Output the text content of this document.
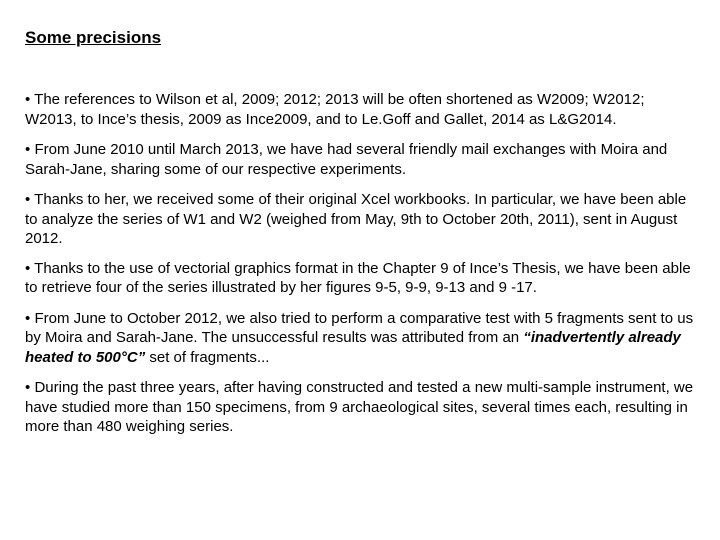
Some precisions
• The references to Wilson et al, 2009; 2012; 2013 will be often shortened as W2009; W2012; W2013, to Ince’s thesis, 2009 as Ince2009, and to Le.Goff and Gallet, 2014 as L&G2014.
• From June 2010 until March 2013, we have had several friendly mail exchanges with Moira and Sarah-Jane, sharing some of our respective experiments.
• Thanks to her, we received some of their original Xcel workbooks. In particular, we have been able to analyze the series of W1 and W2 (weighed from May, 9th to October 20th, 2011), sent in August 2012.
• Thanks to the use of vectorial graphics format in the Chapter 9 of Ince’s Thesis, we have been able to retrieve four of the series illustrated by her figures 9-5, 9-9, 9-13 and 9 -17.
• From June to October 2012, we also tried to perform a comparative test with 5 fragments sent to us by Moira and Sarah-Jane. The unsuccessful results was attributed from an “inadvertently already heated to 500°C” set of fragments...
• During the past three years, after having constructed and tested a new multi-sample instrument, we have studied more than 150 specimens, from 9 archaeological sites, several times each, resulting in more than 480 weighing series.
